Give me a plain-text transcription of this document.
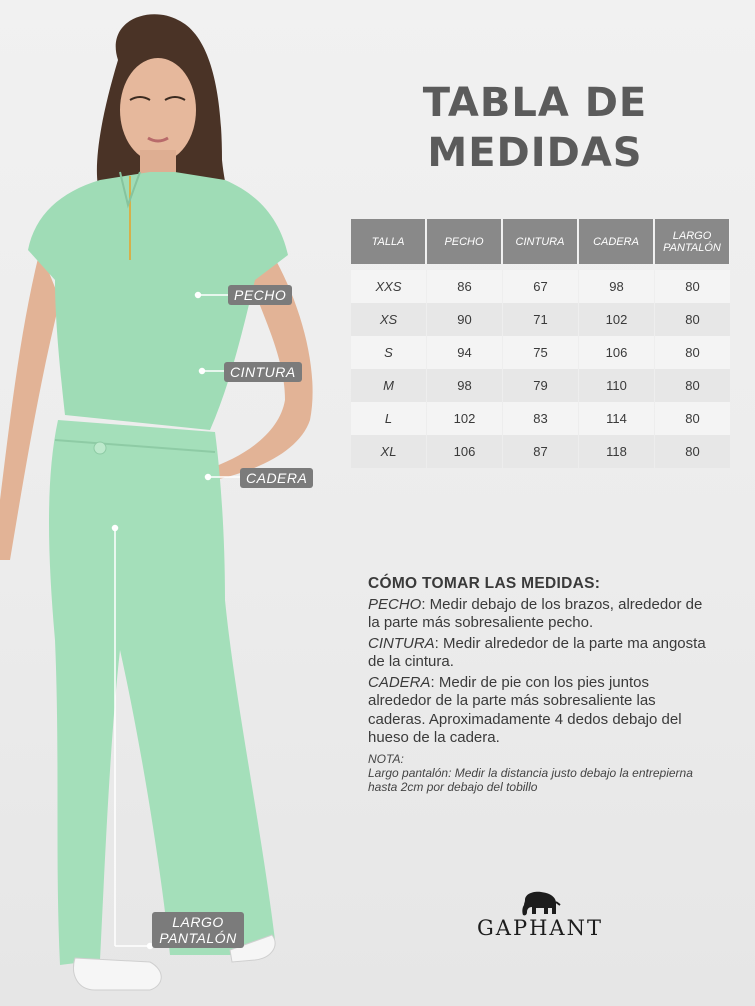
PECHO
CINTURA
CADERA
LARGO PANTALÓN
TABLA DE
MEDIDAS
TALLA	PECHO	CINTURA	CADERA	LARGO PANTALÓN
XXS	86	67	98	80
XS	90	71	102	80
S	94	75	106	80
M	98	79	110	80
L	102	83	114	80
XL	106	87	118	80
CÓMO TOMAR LAS MEDIDAS:

PECHO: Medir debajo de los brazos, alrededor de la parte más sobresaliente pecho.

CINTURA: Medir alrededor de la parte ma angosta de la cintura.

CADERA: Medir de pie con los pies juntos alrededor de la parte más sobresaliente las caderas. Aproximadamente 4 dedos debajo del hueso de la cadera.

NOTA:
Largo pantalón: Medir la distancia justo debajo la entrepierna hasta 2cm por debajo del tobillo
GAPHANT
